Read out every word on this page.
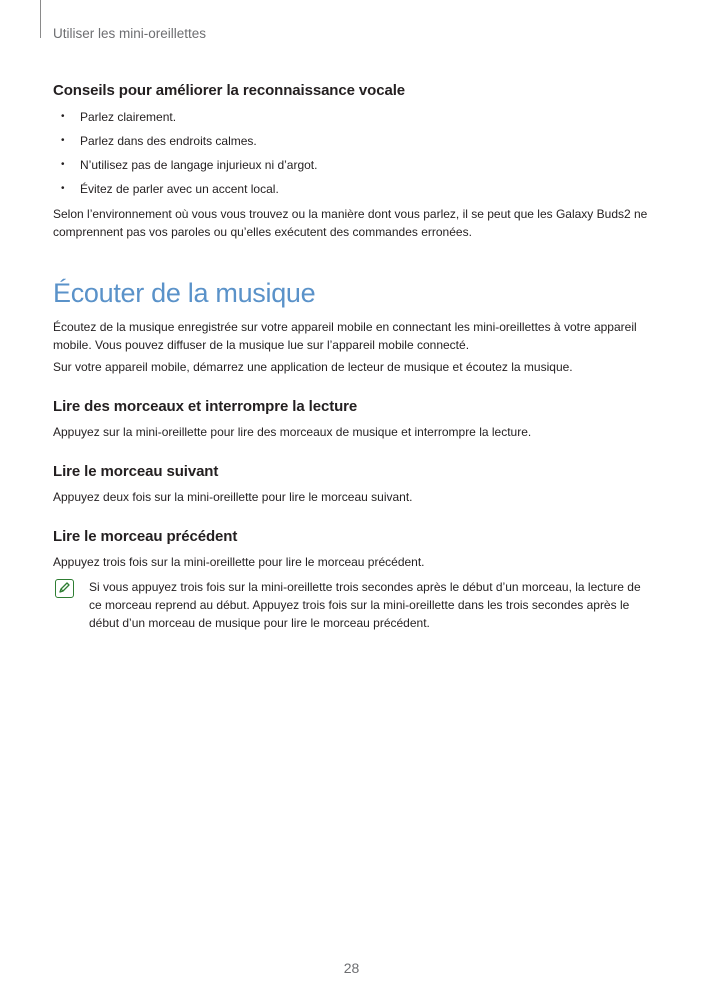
Utiliser les mini-oreillettes
Conseils pour améliorer la reconnaissance vocale
• Parlez clairement.
• Parlez dans des endroits calmes.
• N’utilisez pas de langage injurieux ni d’argot.
• Évitez de parler avec un accent local.

Selon l’environnement où vous vous trouvez ou la manière dont vous parlez, il se peut que les Galaxy Buds2 ne comprennent pas vos paroles ou qu’elles exécutent des commandes erronées.

Écouter de la musique

Écoutez de la musique enregistrée sur votre appareil mobile en connectant les mini-oreillettes à votre appareil mobile. Vous pouvez diffuser de la musique lue sur l’appareil mobile connecté.

Sur votre appareil mobile, démarrez une application de lecteur de musique et écoutez la musique.

Lire des morceaux et interrompre la lecture

Appuyez sur la mini-oreillette pour lire des morceaux de musique et interrompre la lecture.

Lire le morceau suivant

Appuyez deux fois sur la mini-oreillette pour lire le morceau suivant.

Lire le morceau précédent

Appuyez trois fois sur la mini-oreillette pour lire le morceau précédent.

Si vous appuyez trois fois sur la mini-oreillette trois secondes après le début d’un morceau, la lecture de ce morceau reprend au début. Appuyez trois fois sur la mini-oreillette dans les trois secondes après le début d’un morceau de musique pour lire le morceau précédent.

28
